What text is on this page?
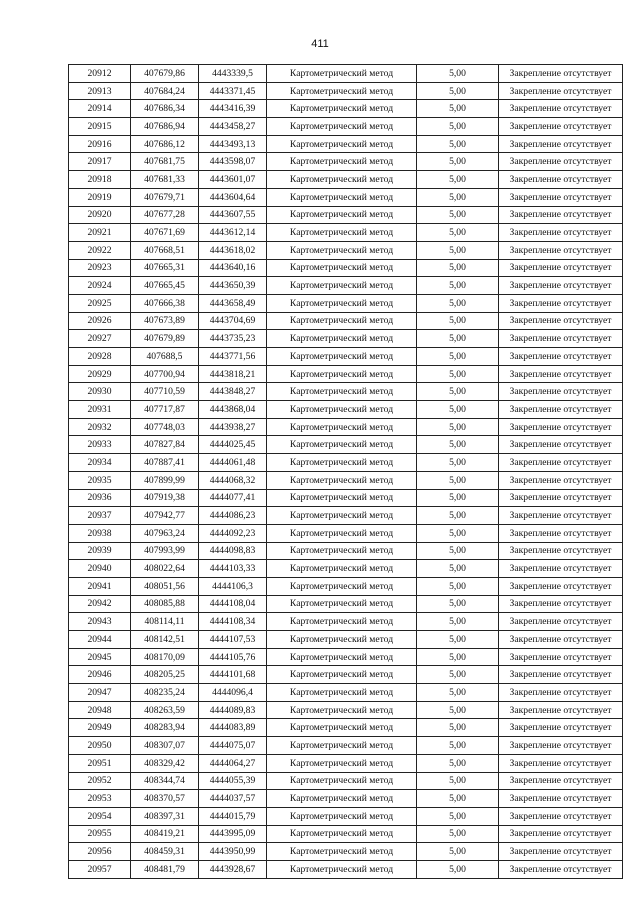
411
20912	407679,86	4443339,5	Картометрический метод	5,00	Закрепление отсутствует
20913	407684,24	4443371,45	Картометрический метод	5,00	Закрепление отсутствует
20914	407686,34	4443416,39	Картометрический метод	5,00	Закрепление отсутствует
20915	407686,94	4443458,27	Картометрический метод	5,00	Закрепление отсутствует
20916	407686,12	4443493,13	Картометрический метод	5,00	Закрепление отсутствует
20917	407681,75	4443598,07	Картометрический метод	5,00	Закрепление отсутствует
20918	407681,33	4443601,07	Картометрический метод	5,00	Закрепление отсутствует
20919	407679,71	4443604,64	Картометрический метод	5,00	Закрепление отсутствует
20920	407677,28	4443607,55	Картометрический метод	5,00	Закрепление отсутствует
20921	407671,69	4443612,14	Картометрический метод	5,00	Закрепление отсутствует
20922	407668,51	4443618,02	Картометрический метод	5,00	Закрепление отсутствует
20923	407665,31	4443640,16	Картометрический метод	5,00	Закрепление отсутствует
20924	407665,45	4443650,39	Картометрический метод	5,00	Закрепление отсутствует
20925	407666,38	4443658,49	Картометрический метод	5,00	Закрепление отсутствует
20926	407673,89	4443704,69	Картометрический метод	5,00	Закрепление отсутствует
20927	407679,89	4443735,23	Картометрический метод	5,00	Закрепление отсутствует
20928	407688,5	4443771,56	Картометрический метод	5,00	Закрепление отсутствует
20929	407700,94	4443818,21	Картометрический метод	5,00	Закрепление отсутствует
20930	407710,59	4443848,27	Картометрический метод	5,00	Закрепление отсутствует
20931	407717,87	4443868,04	Картометрический метод	5,00	Закрепление отсутствует
20932	407748,03	4443938,27	Картометрический метод	5,00	Закрепление отсутствует
20933	407827,84	4444025,45	Картометрический метод	5,00	Закрепление отсутствует
20934	407887,41	4444061,48	Картометрический метод	5,00	Закрепление отсутствует
20935	407899,99	4444068,32	Картометрический метод	5,00	Закрепление отсутствует
20936	407919,38	4444077,41	Картометрический метод	5,00	Закрепление отсутствует
20937	407942,77	4444086,23	Картометрический метод	5,00	Закрепление отсутствует
20938	407963,24	4444092,23	Картометрический метод	5,00	Закрепление отсутствует
20939	407993,99	4444098,83	Картометрический метод	5,00	Закрепление отсутствует
20940	408022,64	4444103,33	Картометрический метод	5,00	Закрепление отсутствует
20941	408051,56	4444106,3	Картометрический метод	5,00	Закрепление отсутствует
20942	408085,88	4444108,04	Картометрический метод	5,00	Закрепление отсутствует
20943	408114,11	4444108,34	Картометрический метод	5,00	Закрепление отсутствует
20944	408142,51	4444107,53	Картометрический метод	5,00	Закрепление отсутствует
20945	408170,09	4444105,76	Картометрический метод	5,00	Закрепление отсутствует
20946	408205,25	4444101,68	Картометрический метод	5,00	Закрепление отсутствует
20947	408235,24	4444096,4	Картометрический метод	5,00	Закрепление отсутствует
20948	408263,59	4444089,83	Картометрический метод	5,00	Закрепление отсутствует
20949	408283,94	4444083,89	Картометрический метод	5,00	Закрепление отсутствует
20950	408307,07	4444075,07	Картометрический метод	5,00	Закрепление отсутствует
20951	408329,42	4444064,27	Картометрический метод	5,00	Закрепление отсутствует
20952	408344,74	4444055,39	Картометрический метод	5,00	Закрепление отсутствует
20953	408370,57	4444037,57	Картометрический метод	5,00	Закрепление отсутствует
20954	408397,31	4444015,79	Картометрический метод	5,00	Закрепление отсутствует
20955	408419,21	4443995,09	Картометрический метод	5,00	Закрепление отсутствует
20956	408459,31	4443950,99	Картометрический метод	5,00	Закрепление отсутствует
20957	408481,79	4443928,67	Картометрический метод	5,00	Закрепление отсутствует
